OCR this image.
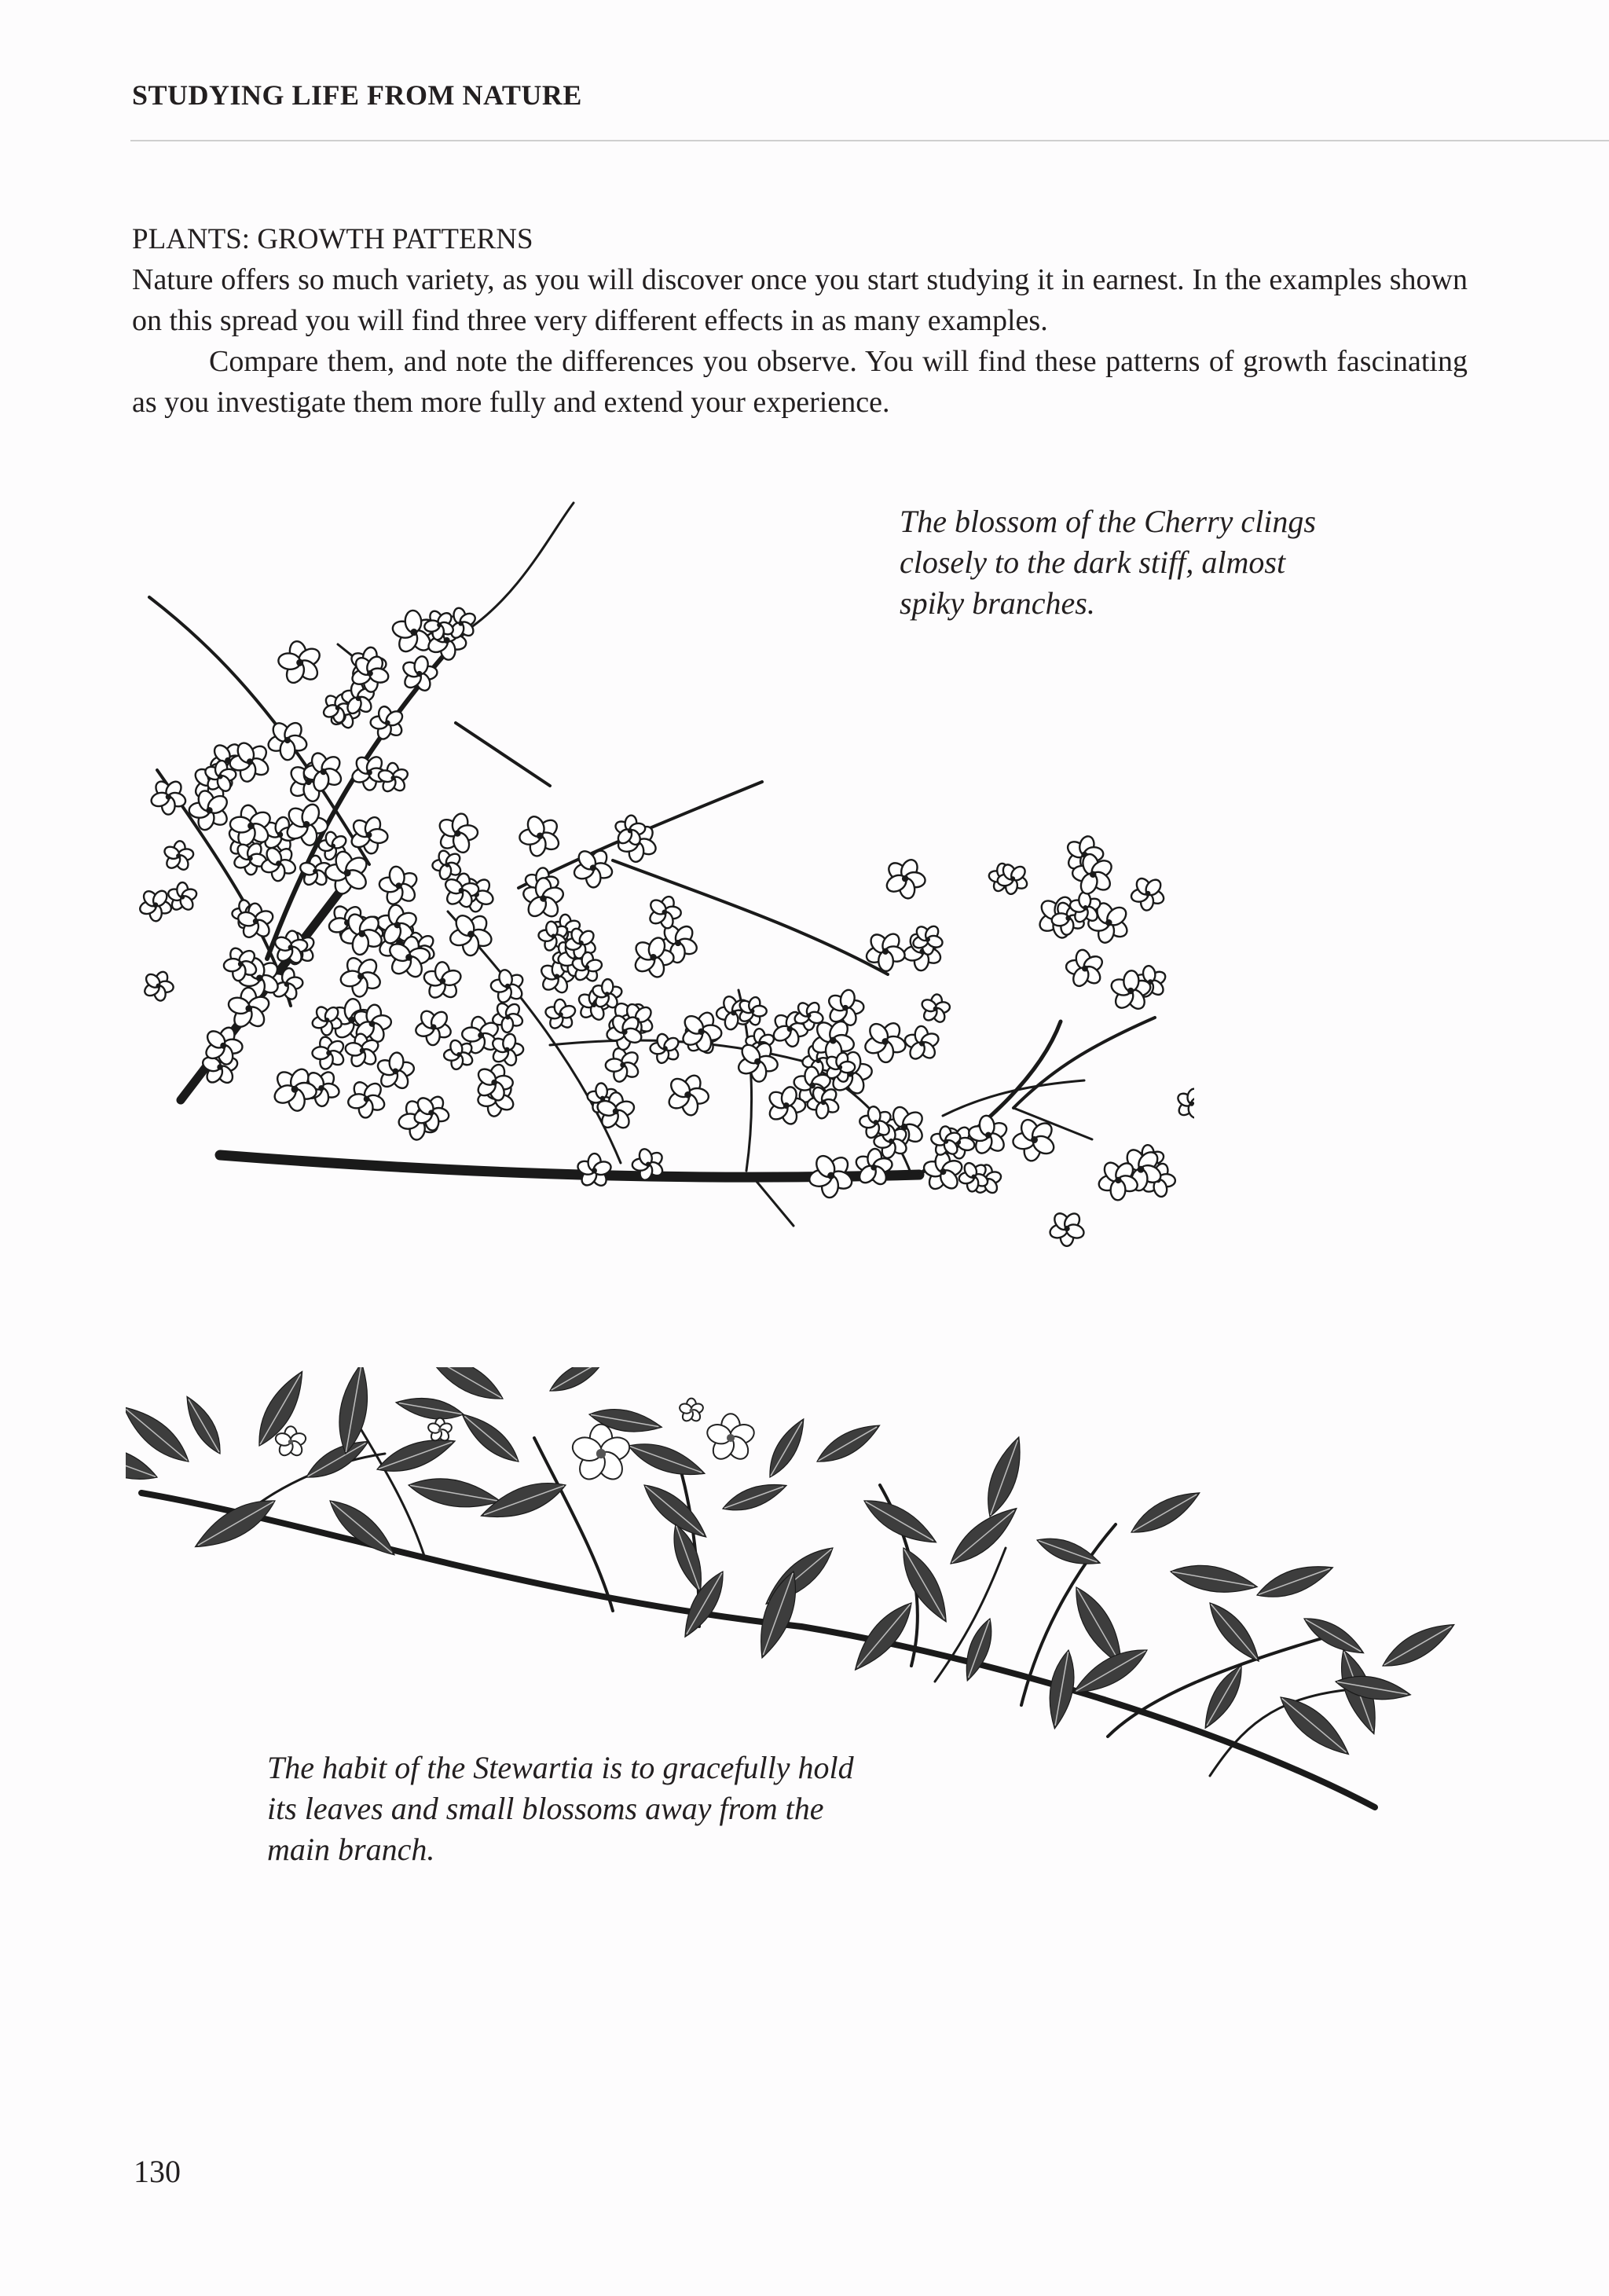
STUDYING LIFE FROM NATURE
PLANTS: GROWTH PATTERNS

Nature offers so much variety, as you will discover once you start studying it in earnest. In the examples shown on this spread you will find three very different effects in as many examples.

Compare them, and note the differences you observe. You will find these patterns of growth fascinating as you investigate them more fully and extend your experience.

The blossom of the Cherry clings closely to the dark stiff, almost spiky branches.
The habit of the Stewartia is to gracefully hold its leaves and small blossoms away from the main branch.
130
